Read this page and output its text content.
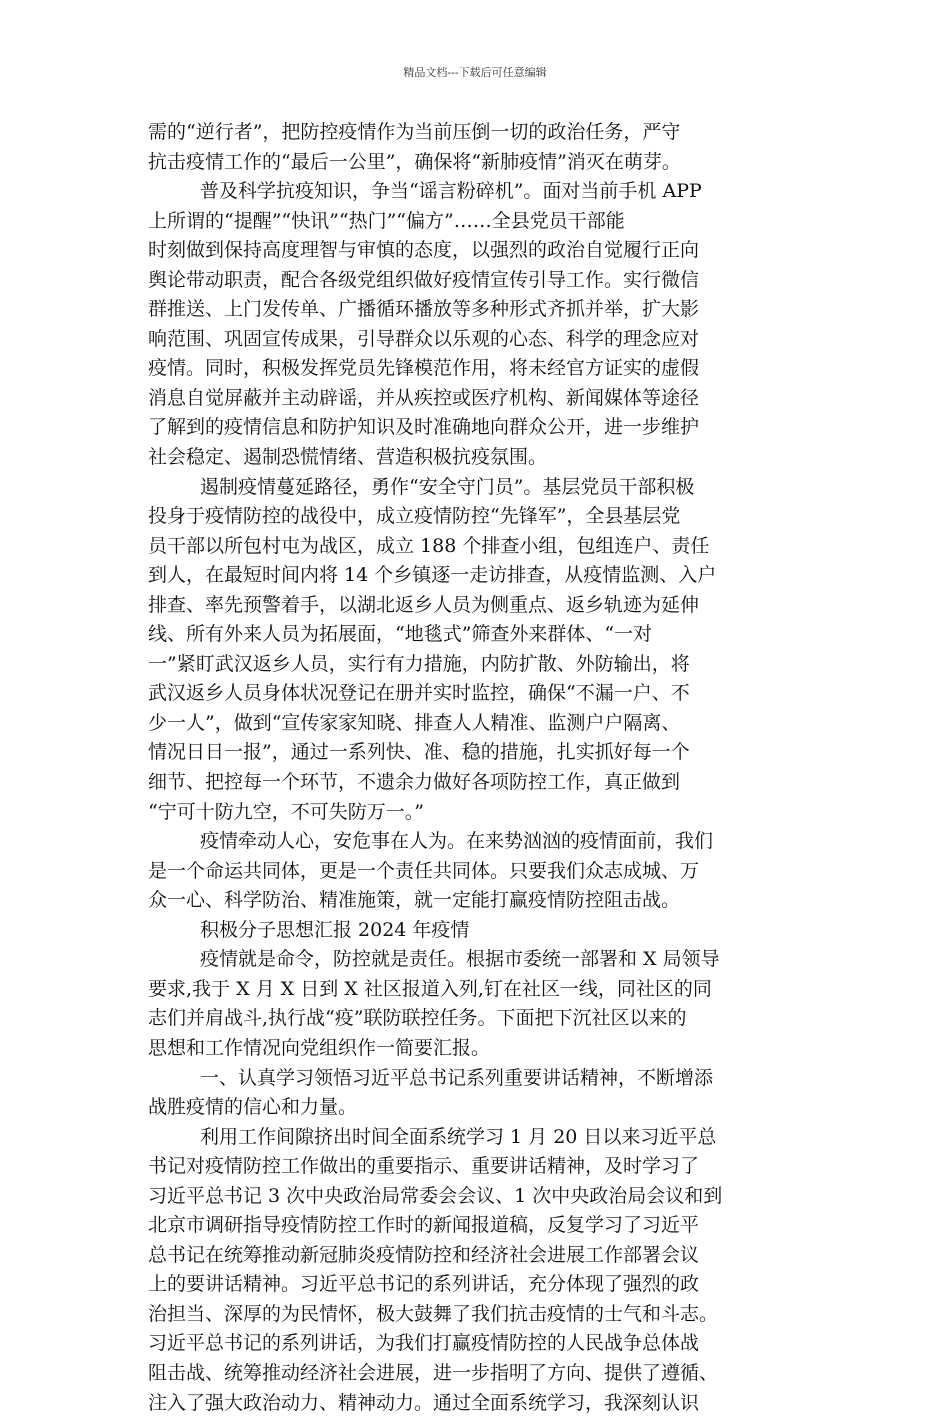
精品文档---下载后可任意编辑
需的“逆行者”，把防控疫情作为当前压倒一切的政治任务，严守
抗击疫情工作的“最后一公里”，确保将“新肺疫情”消灭在萌芽。
普及科学抗疫知识，争当“谣言粉碎机”。面对当前手机 APP
上所谓的“提醒”“快讯”“热门”“偏方”……全县党员干部能
时刻做到保持高度理智与审慎的态度，以强烈的政治自觉履行正向
舆论带动职责，配合各级党组织做好疫情宣传引导工作。实行微信
群推送、上门发传单、广播循环播放等多种形式齐抓并举，扩大影
响范围、巩固宣传成果，引导群众以乐观的心态、科学的理念应对
疫情。同时，积极发挥党员先锋模范作用，将未经官方证实的虚假
消息自觉屏蔽并主动辟谣，并从疾控或医疗机构、新闻媒体等途径
了解到的疫情信息和防护知识及时准确地向群众公开，进一步维护
社会稳定、遏制恐慌情绪、营造积极抗疫氛围。
遏制疫情蔓延路径，勇作“安全守门员”。基层党员干部积极
投身于疫情防控的战役中，成立疫情防控“先锋军”，全县基层党
员干部以所包村屯为战区，成立 188 个排查小组，包组连户、责任
到人，在最短时间内将 14 个乡镇逐一走访排查，从疫情监测、入户
排查、率先预警着手，以湖北返乡人员为侧重点、返乡轨迹为延伸
线、所有外来人员为拓展面，“地毯式”筛查外来群体、“一对
一”紧盯武汉返乡人员，实行有力措施，内防扩散、外防输出，将
武汉返乡人员身体状况登记在册并实时监控，确保“不漏一户、不
少一人”，做到“宣传家家知晓、排查人人精准、监测户户隔离、
情况日日一报”，通过一系列快、准、稳的措施，扎实抓好每一个
细节、把控每一个环节，不遗余力做好各项防控工作，真正做到
“宁可十防九空，不可失防万一。”
疫情牵动人心，安危事在人为。在来势汹汹的疫情面前，我们
是一个命运共同体，更是一个责任共同体。只要我们众志成城、万
众一心、科学防治、精准施策，就一定能打赢疫情防控阻击战。
积极分子思想汇报 2024 年疫情
疫情就是命令，防控就是责任。根据市委统一部署和 X 局领导
要求,我于 X 月 X 日到 X 社区报道入列,钉在社区一线，同社区的同
志们并肩战斗,执行战“疫”联防联控任务。下面把下沉社区以来的
思想和工作情况向党组织作一简要汇报。
一、认真学习领悟习近平总书记系列重要讲话精神，不断增添
战胜疫情的信心和力量。
利用工作间隙挤出时间全面系统学习 1 月 20 日以来习近平总
书记对疫情防控工作做出的重要指示、重要讲话精神，及时学习了
习近平总书记 3 次中央政治局常委会会议、1 次中央政治局会议和到
北京市调研指导疫情防控工作时的新闻报道稿，反复学习了习近平
总书记在统筹推动新冠肺炎疫情防控和经济社会进展工作部署会议
上的要讲话精神。习近平总书记的系列讲话，充分体现了强烈的政
治担当、深厚的为民情怀，极大鼓舞了我们抗击疫情的士气和斗志。
习近平总书记的系列讲话，为我们打赢疫情防控的人民战争总体战
阻击战、统筹推动经济社会进展，进一步指明了方向、提供了遵循、
注入了强大政治动力、精神动力。通过全面系统学习，我深刻认识
